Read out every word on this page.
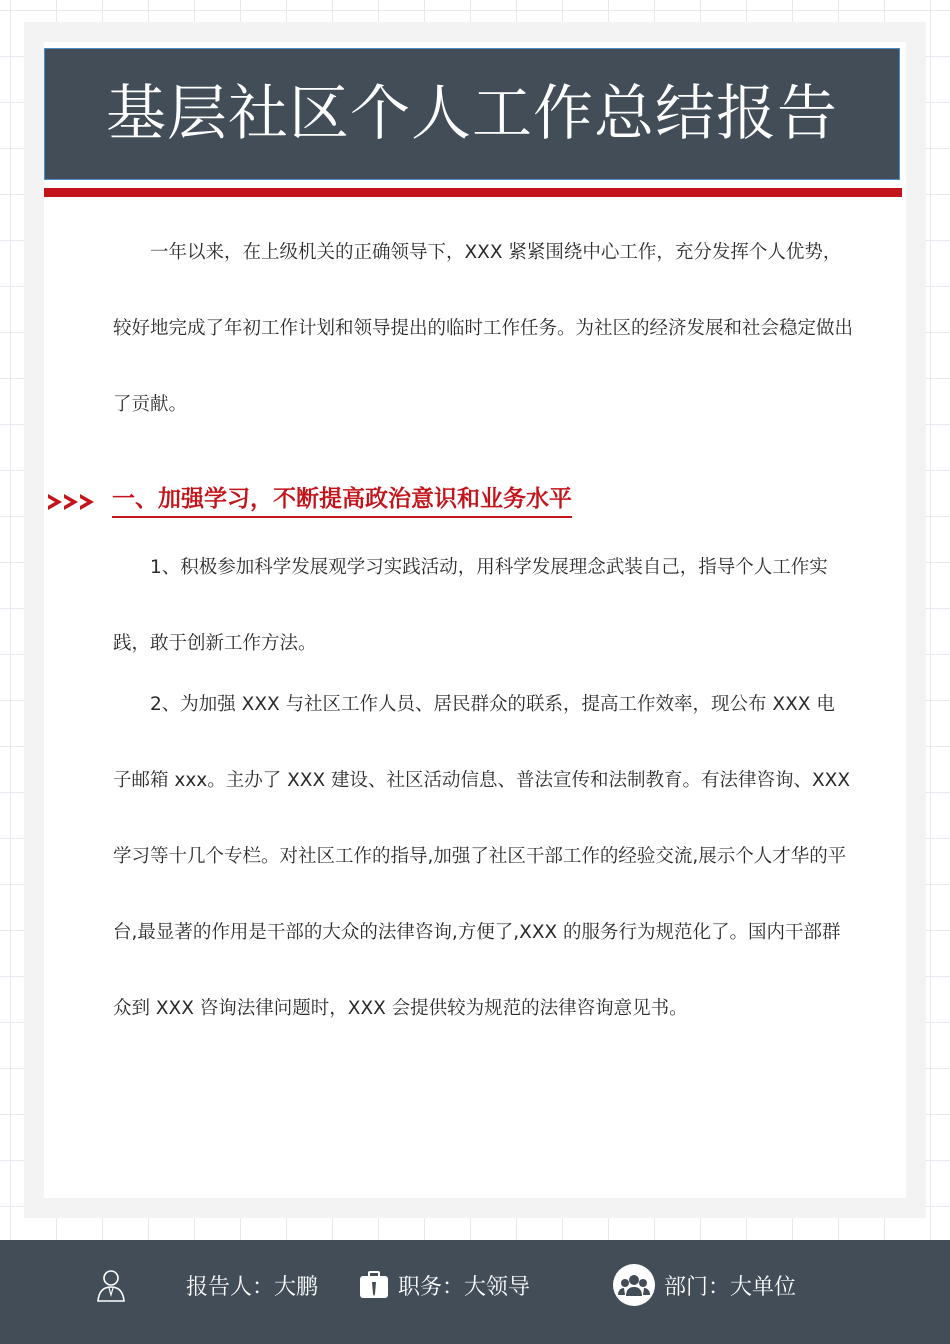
基层社区个人工作总结报告

一年以来，在上级机关的正确领导下，XXX 紧紧围绕中心工作，充分发挥个人优势，较好地完成了年初工作计划和领导提出的临时工作任务。为社区的经济发展和社会稳定做出了贡献。

一、加强学习，不断提高政治意识和业务水平

1、积极参加科学发展观学习实践活动，用科学发展理念武装自己，指导个人工作实践，敢于创新工作方法。

2、为加强 XXX 与社区工作人员、居民群众的联系，提高工作效率，现公布 XXX 电子邮箱 xxx。主办了 XXX 建设、社区活动信息、普法宣传和法制教育。有法律咨询、XXX 学习等十几个专栏。对社区工作的指导,加强了社区干部工作的经验交流,展示个人才华的平台,最显著的作用是干部的大众的法律咨询,方便了,XXX 的服务行为规范化了。国内干部群众到 XXX 咨询法律问题时，XXX 会提供较为规范的法律咨询意见书。

报告人：大鹏	职务：大领导	部门：大单位
